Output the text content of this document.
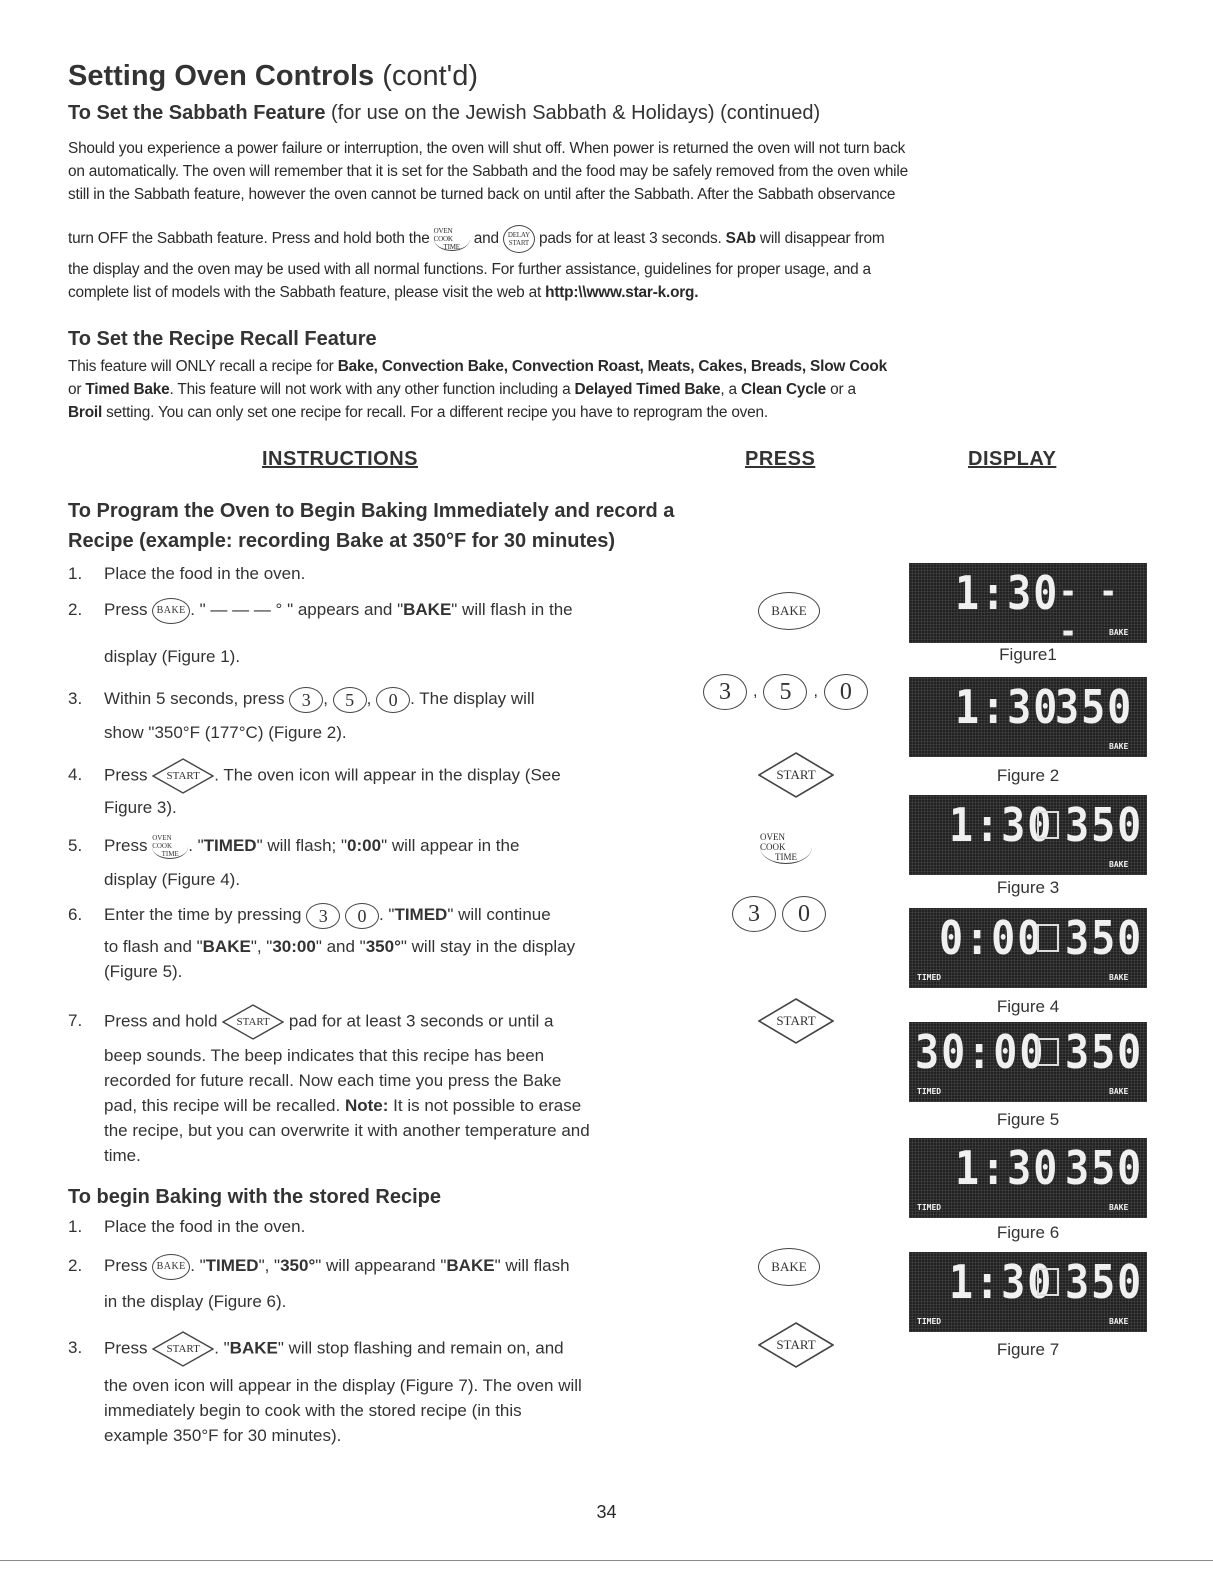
Setting Oven Controls (cont'd)
To Set the Sabbath Feature (for use on the Jewish Sabbath & Holidays) (continued)
Should you experience a power failure or interruption, the oven will shut off. When power is returned the oven will not turn back
on automatically. The oven will remember that it is set for the Sabbath and the food may be safely removed from the oven while
still in the Sabbath feature, however the oven cannot be turned back on until after the Sabbath. After the Sabbath observance
turn OFF the Sabbath feature. Press and hold both the OVEN COOK
TIME and DELAY
START pads for at least 3 seconds. SAb will disappear from
the display and the oven may be used with all normal functions. For further assistance, guidelines for proper usage, and a
complete list of models with the Sabbath feature, please visit the web at http:\\www.star-k.org.
To Set the Recipe Recall Feature
This feature will ONLY recall a recipe for Bake, Convection Bake, Convection Roast, Meats, Cakes, Breads, Slow Cook
or Timed Bake. This feature will not work with any other function including a Delayed Timed Bake, a Clean Cycle or a
Broil setting. You can only set one recipe for recall. For a different recipe you have to reprogram the oven.
INSTRUCTIONS	PRESS	DISPLAY
To Program the Oven to Begin Baking Immediately and record a
Recipe (example: recording Bake at 350°F for 30 minutes)
1. Place the food in the oven.
2. Press BAKE . " — — — ° " appears and "BAKE" will flash in the
display (Figure 1).
3. Within 5 seconds, press 3 , 5 , 0 . The display will
show "350°F (177°C) (Figure 2).
4. Press START . The oven icon will appear in the display (See
Figure 3).
5. Press OVEN COOK
TIME . "TIMED" will flash; "0:00" will appear in the
display (Figure 4).
6. Enter the time by pressing 3 0 . "TIMED" will continue
to flash and "BAKE", "30:00" and "350°" will stay in the display
(Figure 5).
7. Press and hold START pad for at least 3 seconds or until a
beep sounds. The beep indicates that this recipe has been
recorded for future recall. Now each time you press the Bake
pad, this recipe will be recalled. Note: It is not possible to erase
the recipe, but you can overwrite it with another temperature and
time.
To begin Baking with the stored Recipe
1. Place the food in the oven.
2. Press BAKE . "TIMED", "350°" will appearand "BAKE" will flash
in the display (Figure 6).
3. Press START . "BAKE" will stop flashing and remain on, and
the oven icon will appear in the display (Figure 7). The oven will
immediately begin to cook with the stored recipe (in this
example 350°F for 30 minutes).
BAKE
3	, 5	, 0
START
OVEN COOK
TIME
3	0
START
BAKE
START
1:30 - - -	BAKE
Figure1
1:30
350
BAKE
Figure 2
1:30 350
BAKE
Figure 3
0:00 350
TIMED	BAKE
Figure 4
30:00 350
TIMED	BAKE
Figure 5
1:30 350
TIMED	BAKE
Figure 6
1:30 350
TIMED	BAKE
Figure 7
34
